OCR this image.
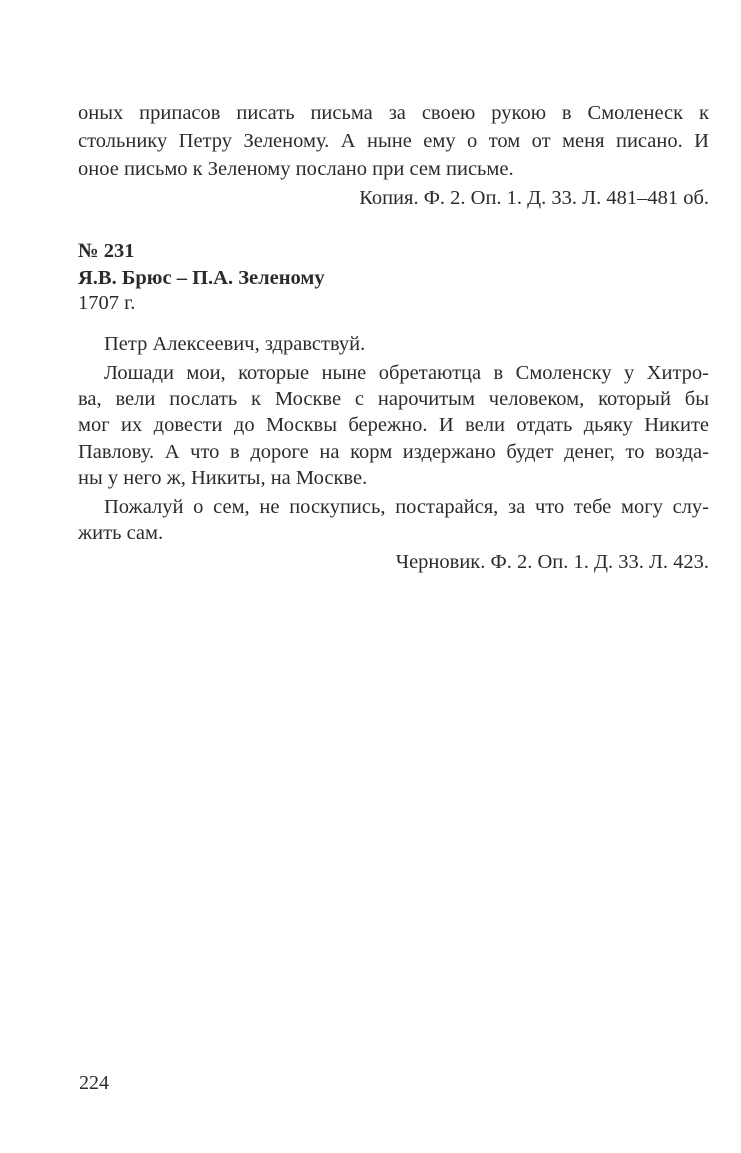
оных припасов писать письма за своею рукою в Смоленеск к
стольнику Петру Зеленому. А ныне ему о том от меня писано. И
оное письмо к Зеленому послано при сем письме.
Копия. Ф. 2. Оп. 1. Д. 33. Л. 481–481 об.
№ 231
Я.В. Брюс – П.А. Зеленому
1707 г.
Петр Алексеевич, здравствуй.
Лошади мои, которые ныне обретаютца в Смоленску у Хитро-
ва, вели послать к Москве с нарочитым человеком, который бы
мог их довести до Москвы бережно. И вели отдать дьяку Никите
Павлову. А что в дороге на корм издержано будет денег, то возда-
ны у него ж, Никиты, на Москве.
Пожалуй о сем, не поскупись, постарайся, за что тебе могу слу-
жить сам.
Черновик. Ф. 2. Оп. 1. Д. 33. Л. 423.
224
